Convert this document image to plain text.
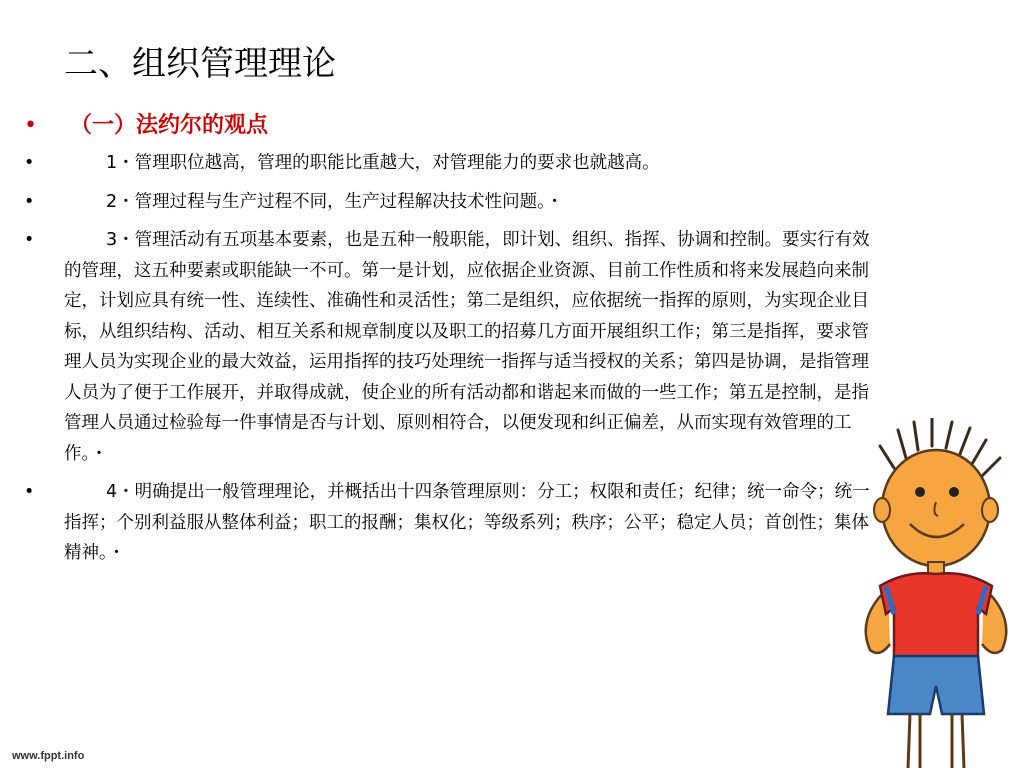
二、组织管理理论
• （一）法约尔的观点
•	1・管理职位越高，管理的职能比重越大，对管理能力的要求也就越高。
•	2・管理过程与生产过程不同，生产过程解决技术性问题。・
•	3・管理活动有五项基本要素，也是五种一般职能，即计划、组织、指挥、协调和控制。要实行有效的管理，这五种要素或职能缺一不可。第一是计划，应依据企业资源、目前工作性质和将来发展趋向来制定，计划应具有统一性、连续性、准确性和灵活性；第二是组织，应依据统一指挥的原则，为实现企业目标，从组织结构、活动、相互关系和规章制度以及职工的招募几方面开展组织工作；第三是指挥，要求管理人员为实现企业的最大效益，运用指挥的技巧处理统一指挥与适当授权的关系；第四是协调，是指管理人员为了便于工作展开，并取得成就，使企业的所有活动都和谐起来而做的一些工作；第五是控制，是指管理人员通过检验每一件事情是否与计划、原则相符合，以便发现和纠正偏差，从而实现有效管理的工作。・
•	4・明确提出一般管理理论，并概括出十四条管理原则：分工；权限和责任；纪律；统一命令；统一指挥；个别利益服从整体利益；职工的报酬；集权化；等级系列；秩序；公平；稳定人员；首创性；集体精神。・
www.fppt.info
